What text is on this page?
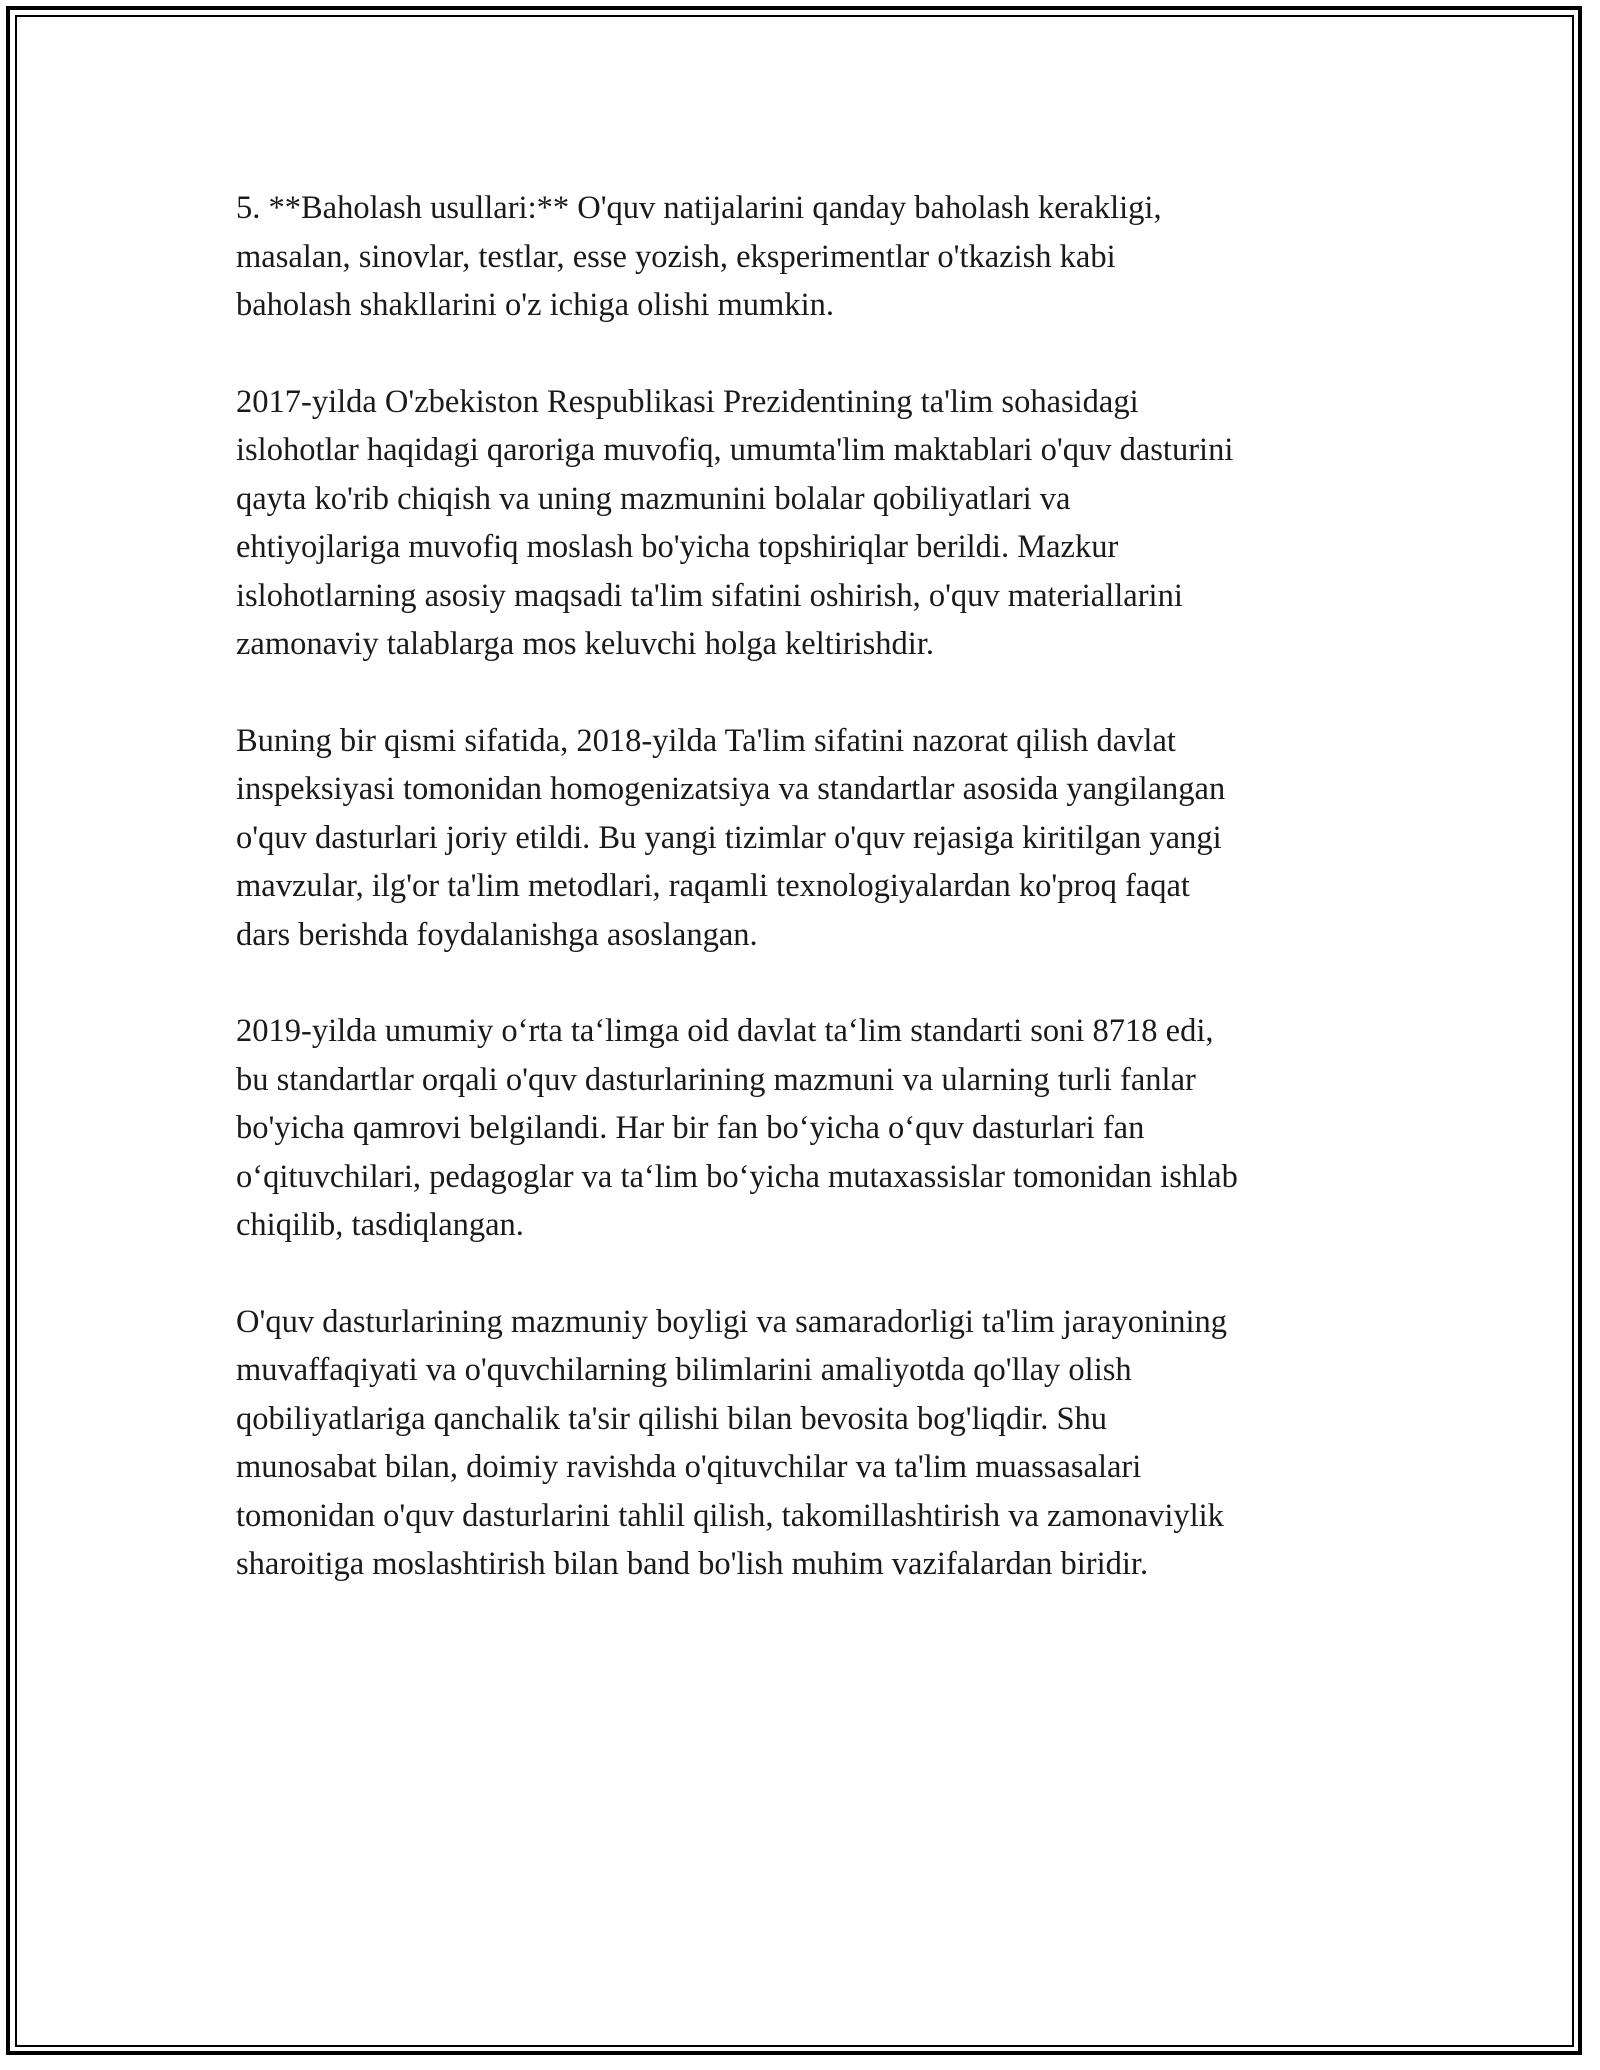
5. **Baholash usullari:** O'quv natijalarini qanday baholash kerakligi,
masalan, sinovlar, testlar, esse yozish, eksperimentlar o'tkazish kabi
baholash shakllarini o'z ichiga olishi mumkin.

2017-yilda O'zbekiston Respublikasi Prezidentining ta'lim sohasidagi
islohotlar haqidagi qaroriga muvofiq, umumta'lim maktablari o'quv dasturini
qayta ko'rib chiqish va uning mazmunini bolalar qobiliyatlari va
ehtiyojlariga muvofiq moslash bo'yicha topshiriqlar berildi. Mazkur
islohotlarning asosiy maqsadi ta'lim sifatini oshirish, o'quv materiallarini
zamonaviy talablarga mos keluvchi holga keltirishdir.

Buning bir qismi sifatida, 2018-yilda Ta'lim sifatini nazorat qilish davlat
inspeksiyasi tomonidan homogenizatsiya va standartlar asosida yangilangan
o'quv dasturlari joriy etildi. Bu yangi tizimlar o'quv rejasiga kiritilgan yangi
mavzular, ilg'or ta'lim metodlari, raqamli texnologiyalardan ko'proq faqat
dars berishda foydalanishga asoslangan.

2019-yilda umumiy oʻrta taʻlimga oid davlat taʻlim standarti soni 8718 edi,
bu standartlar orqali o'quv dasturlarining mazmuni va ularning turli fanlar
bo'yicha qamrovi belgilandi. Har bir fan boʻyicha oʻquv dasturlari fan
oʻqituvchilari, pedagoglar va taʻlim boʻyicha mutaxassislar tomonidan ishlab
chiqilib, tasdiqlangan.

O'quv dasturlarining mazmuniy boyligi va samaradorligi ta'lim jarayonining
muvaffaqiyati va o'quvchilarning bilimlarini amaliyotda qo'llay olish
qobiliyatlariga qanchalik ta'sir qilishi bilan bevosita bog'liqdir. Shu
munosabat bilan, doimiy ravishda o'qituvchilar va ta'lim muassasalari
tomonidan o'quv dasturlarini tahlil qilish, takomillashtirish va zamonaviylik
sharoitiga moslashtirish bilan band bo'lish muhim vazifalardan biridir.
